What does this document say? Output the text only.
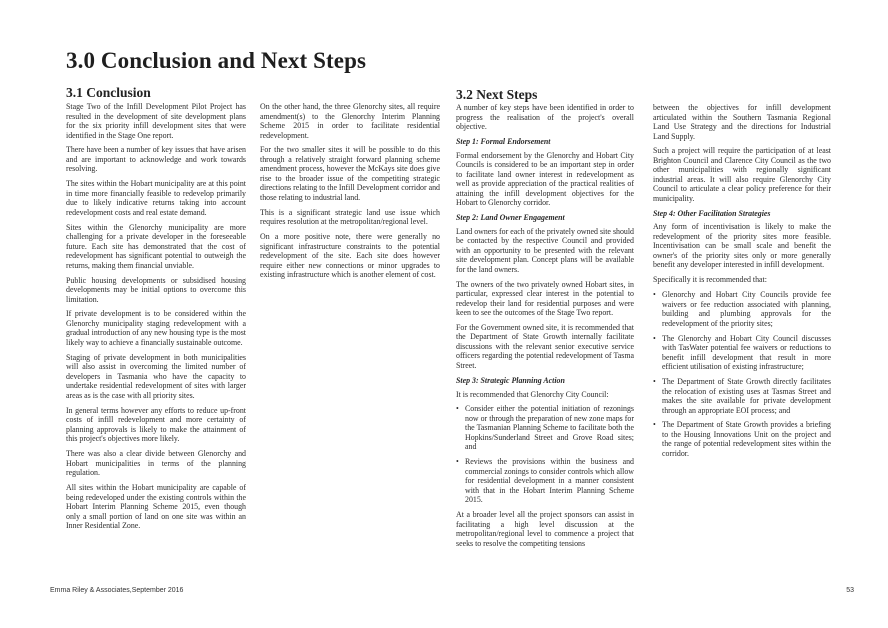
3.0 Conclusion and Next Steps
3.1 Conclusion	3.2 Next Steps

Stage Two of the Infill Development Pilot Project has resulted in the development of site development plans for the six priority infill development sites that were identified in the Stage One report.

There have been a number of key issues that have arisen and are important to acknowledge and work towards resolving.

The sites within the Hobart municipality are at this point in time more financially feasible to redevelop primarily due to likely indicative returns taking into account redevelopment costs and real estate demand.

Sites within the Glenorchy municipality are more challenging for a private developer in the foreseeable future. Each site has demonstrated that the cost of redevelopment has significant potential to outweigh the returns, making them financial unviable.

Public housing developments or subsidised housing developments may be initial options to overcome this limitation.

If private development is to be considered within the Glenorchy municipality staging redevelopment with a gradual introduction of any new housing type is the most likely way to achieve a financially sustainable outcome.

Staging of private development in both municipalities will also assist in overcoming the limited number of developers in Tasmania who have the capacity to undertake residential redevelopment of sites with larger areas as is the case with all priority sites.

In general terms however any efforts to reduce up-front costs of infill redevelopment and more certainty of planning approvals is likely to make the attainment of this project's objectives more likely.

There was also a clear divide between Glenorchy and Hobart municipalities in terms of the planning regulation.

All sites within the Hobart municipality are capable of being redeveloped under the existing controls within the Hobart Interim Planning Scheme 2015, even though only a small portion of land on one site was within an Inner Residential Zone.

On the other hand, the three Glenorchy sites, all require amendment(s) to the Glenorchy Interim Planning Scheme 2015 in order to facilitate residential redevelopment.

For the two smaller sites it will be possible to do this through a relatively straight forward planning scheme amendment process, however the McKays site does give rise to the broader issue of the competiting strategic directions relating to the Infill Development corridor and those relating to industrial land.

This is a significant strategic land use issue which requires resolution at the metropolitan/regional level.

On a more positive note, there were generally no significant infrastructure constraints to the potential redevelopment of the site. Each site does however require either new connections or minor upgrades to existing infrastructure which is another element of cost.

A number of key steps have been identified in order to progress the realisation of the project's overall objective.

Step 1: Formal Endorsement

Formal endorsement by the Glenorchy and Hobart City Councils is considered to be an important step in order to facilitate land owner interest in redevelopment as well as provide appreciation of the practical realities of attaining the infill development objectives for the Hobart to Glenorchy corridor.

Step 2: Land Owner Engagement

Land owners for each of the privately owned site should be contacted by the respective Council and provided with an opportunity to be presented with the relevant site development plan. Concept plans will be available for the land owners.

The owners of the two privately owned Hobart sites, in particular, expressed clear interest in the potential to redevelop their land for residential purposes and were keen to see the outcomes of the Stage Two report.

For the Government owned site, it is recommended that the Department of State Growth internally facilitate discussions with the relevant senior executive service officers regarding the potential redevelopment of Tasma Street.

Step 3: Strategic Planning Action

It is recommended that Glenorchy City Council:

• Consider either the potential initiation of rezonings now or through the preparation of new zone maps for the Tasmanian Planning Scheme to facilitate both the Hopkins/Sunderland Street and Grove Road sites; and
• Reviews the provisions within the business and commercial zonings to consider controls which allow for residential development in a manner consistent with that in the Hobart Interim Planning Scheme 2015.

At a broader level all the project sponsors can assist in facilitating a high level discussion at the metropolitan/regional level to commence a project that seeks to resolve the competiting tensions

between the objectives for infill development articulated within the Southern Tasmania Regional Land Use Strategy and the directions for Industrial Land Supply.

Such a project will require the participation of at least Brighton Council and Clarence City Council as the two other municipalities with regionally significant industrial areas. It will also require Glenorchy City Council to articulate a clear policy preference for their municipality.

Step 4: Other Facilitation Strategies

Any form of incentivisation is likely to make the redevelopment of the priority sites more feasible. Incentivisation can be small scale and benefit the owner's of the priority sites only or more generally benefit any developer interested in infill development.

Specifically it is recommended that:

• Glenorchy and Hobart City Councils provide fee waivers or fee reduction associated with planning, building and plumbing approvals for the redevelopment of the priority sites;
• The Glenorchy and Hobart City Council discusses with TasWater potential fee waivers or reductions to benefit infill development that result in more efficient utilisation of existing infrastructure;
• The Department of State Growth directly facilitates the relocation of existing uses at Tasmas Street and makes the site available for private development through an appropriate EOI process; and
• The Department of State Growth provides a briefing to the Housing Innovations Unit on the project and the range of potential redevelopment sites within the corridor.
Emma Riley & Associates,September 2016	53
